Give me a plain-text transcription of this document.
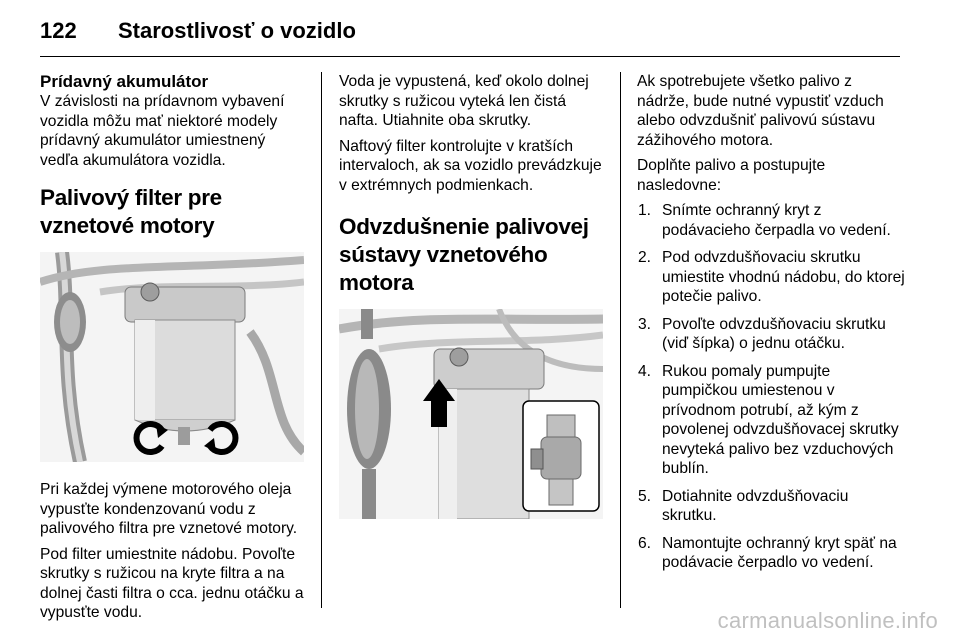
122 Starostlivosť o vozidlo
Prídavný akumulátor

V závislosti na prídavnom vybavení vozidla môžu mať niektoré modely prídavný akumulátor umiestnený vedľa akumulátora vozidla.

Palivový filter pre vznetové motory

Pri každej výmene motorového oleja vypusťte kondenzovanú vodu z palivového filtra pre vznetové motory.

Pod filter umiestnite nádobu. Povoľte skrutky s ružicou na kryte filtra a na dolnej časti filtra o cca. jednu otáčku a vypusťte vodu.

Voda je vypustená, keď okolo dolnej skrutky s ružicou vyteká len čistá nafta. Utiahnite oba skrutky.

Naftový filter kontrolujte v kratších intervaloch, ak sa vozidlo prevádzkuje v extrémnych podmienkach.

Odvzdušnenie palivovej sústavy vznetového motora

Ak spotrebujete všetko palivo z nádrže, bude nutné vypustiť vzduch alebo odvzdušniť palivovú sústavu zážihového motora.

Doplňte palivo a postupujte nasledovne:

1. Snímte ochranný kryt z podávacieho čerpadla vo vedení.
2. Pod odvzdušňovaciu skrutku umiestite vhodnú nádobu, do ktorej potečie palivo.
3. Povoľte odvzdušňovaciu skrutku (viď šípka) o jednu otáčku.
4. Rukou pomaly pumpujte pumpičkou umiestenou v prívodnom potrubí, až kým z povolenej odvzdušňovacej skrutky nevyteká palivo bez vzduchových bublín.
5. Dotiahnite odvzdušňovaciu skrutku.
6. Namontujte ochranný kryt späť na podávacie čerpadlo vo vedení.
carmanualsonline.info
